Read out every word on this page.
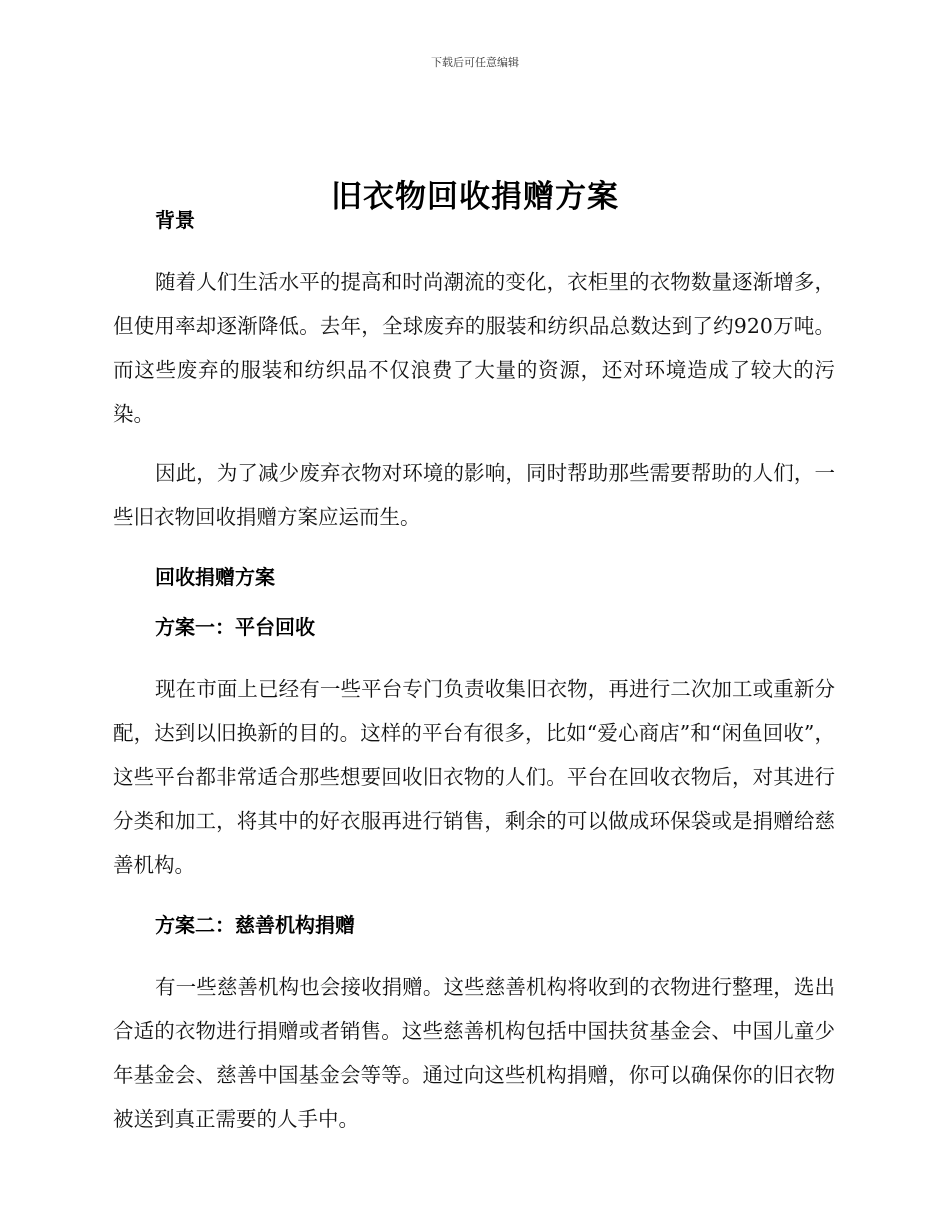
下载后可任意编辑
旧衣物回收捐赠方案
背景

随着人们生活水平的提高和时尚潮流的变化，衣柜里的衣物数量逐渐增多，但使用率却逐渐降低。去年，全球废弃的服装和纺织品总数达到了约920万吨。而这些废弃的服装和纺织品不仅浪费了大量的资源，还对环境造成了较大的污染。

因此，为了减少废弃衣物对环境的影响，同时帮助那些需要帮助的人们，一些旧衣物回收捐赠方案应运而生。

回收捐赠方案
方案一：平台回收

现在市面上已经有一些平台专门负责收集旧衣物，再进行二次加工或重新分配，达到以旧换新的目的。这样的平台有很多，比如“爱心商店”和“闲鱼回收”，这些平台都非常适合那些想要回收旧衣物的人们。平台在回收衣物后，对其进行分类和加工，将其中的好衣服再进行销售，剩余的可以做成环保袋或是捐赠给慈善机构。

方案二：慈善机构捐赠

有一些慈善机构也会接收捐赠。这些慈善机构将收到的衣物进行整理，选出合适的衣物进行捐赠或者销售。这些慈善机构包括中国扶贫基金会、中国儿童少年基金会、慈善中国基金会等等。通过向这些机构捐赠，你可以确保你的旧衣物被送到真正需要的人手中。
